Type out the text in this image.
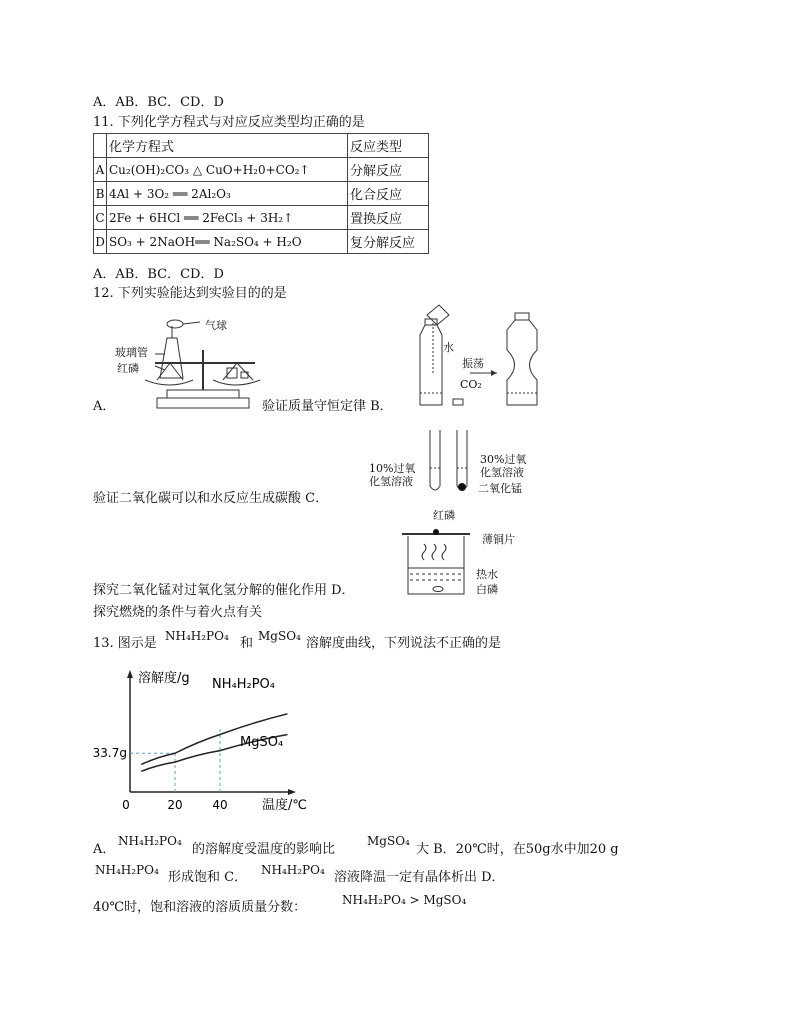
A．AB．BC．CD．D
11. 下列化学方程式与对应反应类型均正确的是
	化学方程式	反应类型
A	Cu₂(OH)₂CO₃ △ CuO+H₂0+CO₂↑	分解反应
B	4Al + 3O₂ ══ 2Al₂O₃	化合反应
C	2Fe + 6HCl ══ 2FeCl₃ + 3H₂↑	置换反应
D	SO₃ + 2NaOH══ Na₂SO₄ + H₂O	复分解反应
A．AB．BC．CD．D
12. 下列实验能达到实验目的的是
气球
玻璃管
红磷
A．	验证质量守恒定律 B．
水
振荡
CO₂
10%过氧
化氢溶液
30%过氧
化氢溶液
二氧化锰
验证二氧化碳可以和水反应生成碳酸 C．
红磷
薄铜片
热水
白磷
探究二氧化锰对过氧化氢分解的催化作用 D．
探究燃烧的条件与着火点有关
13. 图示是 NH₄H₂PO₄ 和 MgSO₄ 溶解度曲线，下列说法不正确的是
溶解度/g
温度/℃
0	20 40
33.7g
NH₄H₂PO₄
MgSO₄
A．
NH₄H₂PO₄
的溶解度受温度的影响比
MgSO₄
大 B．20℃时，在50g水中加20 g
NH₄H₂PO₄ 形成饱和 C． NH₄H₂PO₄ 溶液降温一定有晶体析出 D．
40℃时，饱和溶液的溶质质量分数：	NH₄H₂PO₄ > MgSO₄
